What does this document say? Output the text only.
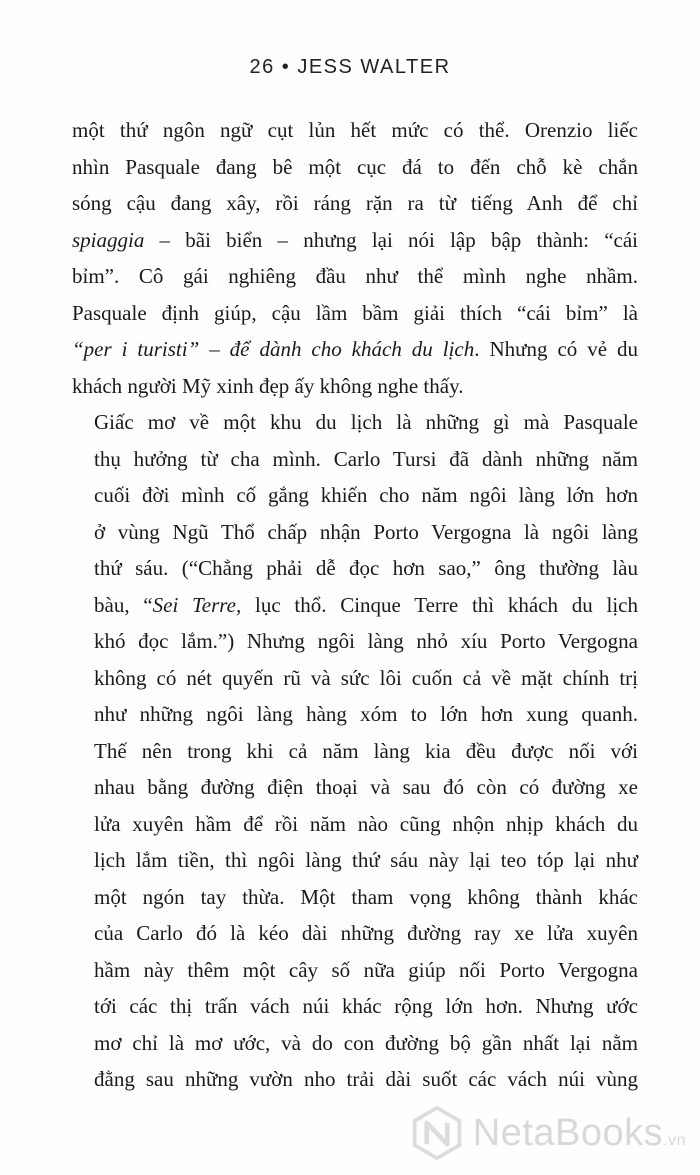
26 • JESS WALTER
một thứ ngôn ngữ cụt lủn hết mức có thể. Orenzio liếc
nhìn Pasquale đang bê một cục đá to đến chỗ kè chắn
sóng cậu đang xây, rồi ráng rặn ra từ tiếng Anh để chỉ
spiaggia – bãi biển – nhưng lại nói lập bập thành: “cái
bỉm”. Cô gái nghiêng đầu như thể mình nghe nhầm.
Pasquale định giúp, cậu lầm bầm giải thích “cái bỉm” là
“per i turisti” – để dành cho khách du lịch. Nhưng có vẻ du
khách người Mỹ xinh đẹp ấy không nghe thấy.
Giấc mơ về một khu du lịch là những gì mà Pasquale
thụ hưởng từ cha mình. Carlo Tursi đã dành những năm
cuối đời mình cố gắng khiến cho năm ngôi làng lớn hơn
ở vùng Ngũ Thổ chấp nhận Porto Vergogna là ngôi làng
thứ sáu. (“Chẳng phải dễ đọc hơn sao,” ông thường làu
bàu, “Sei Terre, lục thổ. Cinque Terre thì khách du lịch
khó đọc lắm.”) Nhưng ngôi làng nhỏ xíu Porto Vergogna
không có nét quyến rũ và sức lôi cuốn cả về mặt chính trị
như những ngôi làng hàng xóm to lớn hơn xung quanh.
Thế nên trong khi cả năm làng kia đều được nối với
nhau bằng đường điện thoại và sau đó còn có đường xe
lửa xuyên hầm để rồi năm nào cũng nhộn nhịp khách du
lịch lắm tiền, thì ngôi làng thứ sáu này lại teo tóp lại như
một ngón tay thừa. Một tham vọng không thành khác
của Carlo đó là kéo dài những đường ray xe lửa xuyên
hầm này thêm một cây số nữa giúp nối Porto Vergogna
tới các thị trấn vách núi khác rộng lớn hơn. Nhưng ước
mơ chỉ là mơ ước, và do con đường bộ gần nhất lại nằm
đằng sau những vườn nho trải dài suốt các vách núi vùng
NetaBooks.vn
